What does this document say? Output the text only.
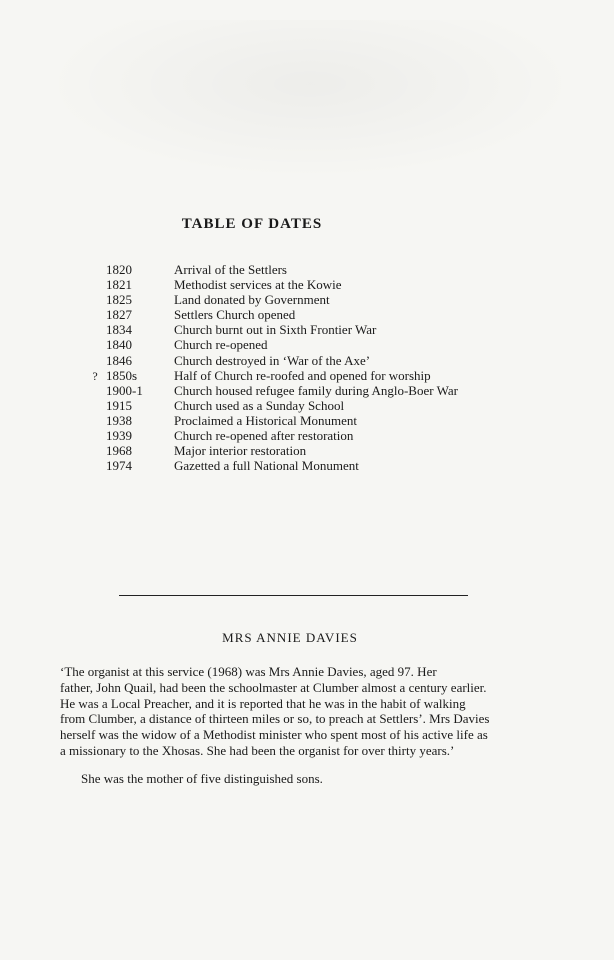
TABLE OF DATES
1820	Arrival of the Settlers
1821	Methodist services at the Kowie
1825	Land donated by Government
1827	Settlers Church opened
1834	Church burnt out in Sixth Frontier War
1840	Church re-opened
1846	Church destroyed in ‘War of the Axe’
? 1850s	Half of Church re-roofed and opened for worship
1900-1	Church housed refugee family during Anglo-Boer War
1915	Church used as a Sunday School
1938	Proclaimed a Historical Monument
1939	Church re-opened after restoration
1968	Major interior restoration
1974	Gazetted a full National Monument
MRS ANNIE DAVIES

‘The organist at this service (1968) was Mrs Annie Davies, aged 97. Her
father, John Quail, had been the schoolmaster at Clumber almost a century earlier.
He was a Local Preacher, and it is reported that he was in the habit of walking
from Clumber, a distance of thirteen miles or so, to preach at Settlers’. Mrs Davies
herself was the widow of a Methodist minister who spent most of his active life as
a missionary to the Xhosas. She had been the organist for over thirty years.’

She was the mother of five distinguished sons.
